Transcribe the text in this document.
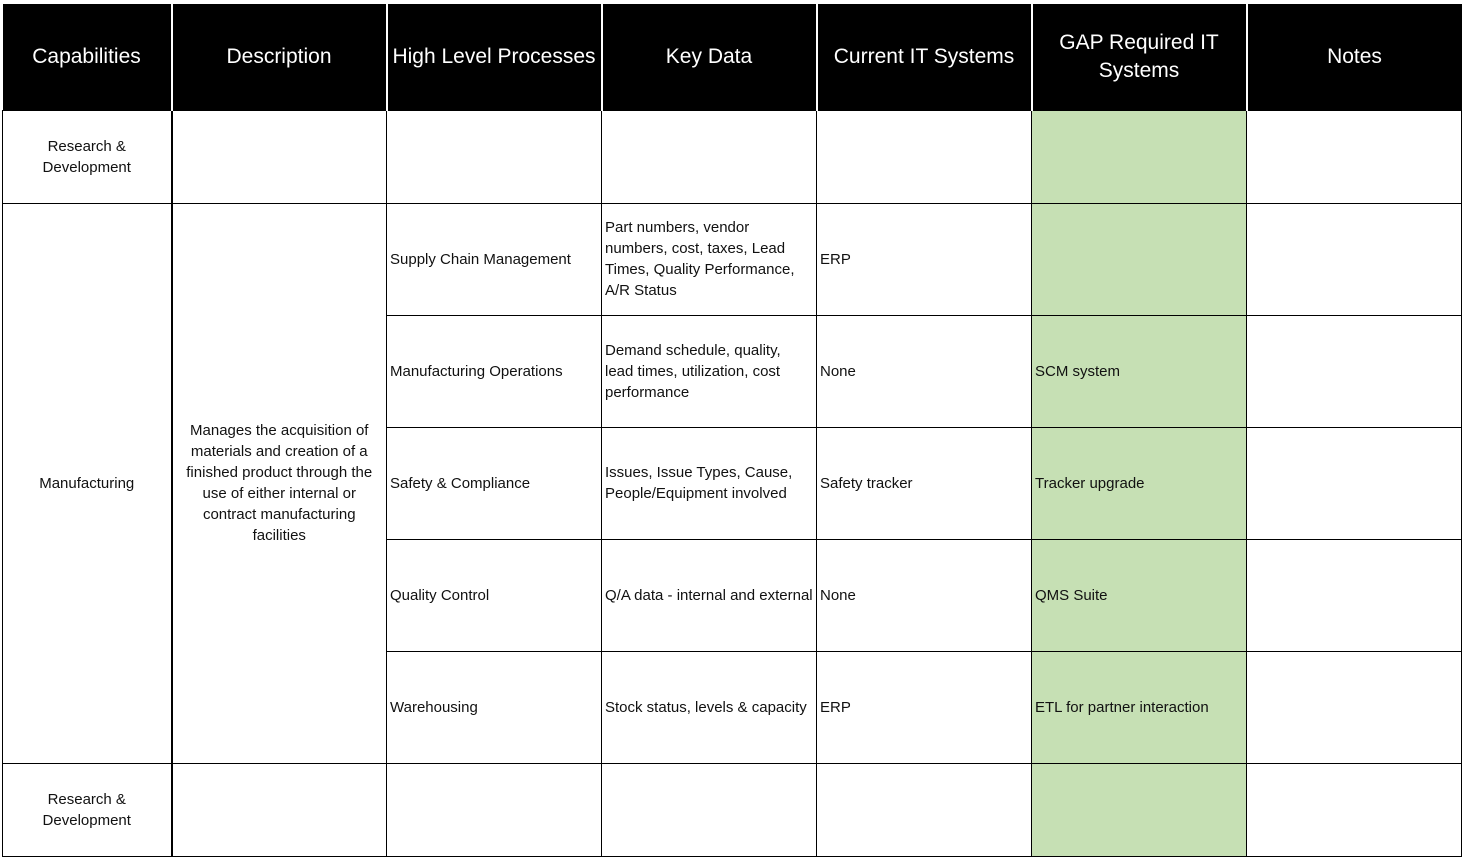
Capabilities	Description	High Level Processes	Key Data	Current IT Systems	GAP Required IT Systems	Notes
Research & Development						
Manufacturing	Manages the acquisition of materials and creation of a finished product through the use of either internal or contract manufacturing facilities	Supply Chain Management	Part numbers, vendor numbers, cost, taxes, Lead Times, Quality Performance, A/R Status	ERP		
		Manufacturing Operations	Demand schedule, quality, lead times, utilization, cost performance	None	SCM system	
		Safety & Compliance	Issues, Issue Types, Cause, People/Equipment involved	Safety tracker	Tracker upgrade	
		Quality Control	Q/A data - internal and external	None	QMS Suite	
		Warehousing	Stock status, levels & capacity	ERP	ETL for partner interaction	
Research & Development						
